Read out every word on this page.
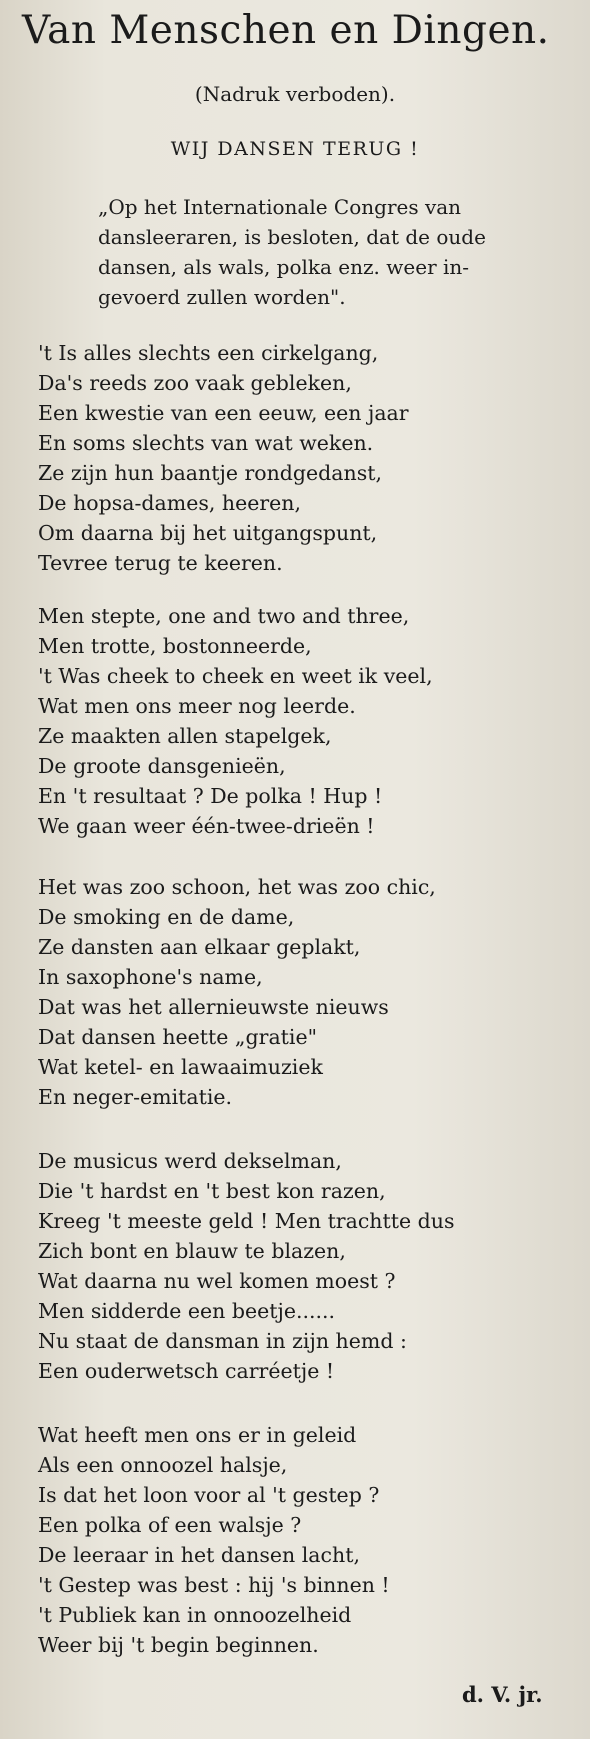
Van Menschen en Dingen.
(Nadruk verboden).
WIJ DANSEN TERUG !
„Op het Internationale Congres van
dansleeraren, is besloten, dat de oude
dansen, als wals, polka enz. weer in-
gevoerd zullen worden".
't Is alles slechts een cirkelgang,
Da's reeds zoo vaak gebleken,
Een kwestie van een eeuw, een jaar
En soms slechts van wat weken.
Ze zijn hun baantje rondgedanst,
De hopsa-dames, heeren,
Om daarna bij het uitgangspunt,
Tevree terug te keeren.
Men stepte, one and two and three,
Men trotte, bostonneerde,
't Was cheek to cheek en weet ik veel,
Wat men ons meer nog leerde.
Ze maakten allen stapelgek,
De groote dansgenieën,
En 't resultaat ? De polka ! Hup !
We gaan weer één-twee-drieën !
Het was zoo schoon, het was zoo chic,
De smoking en de dame,
Ze dansten aan elkaar geplakt,
In saxophone's name,
Dat was het allernieuwste nieuws
Dat dansen heette „gratie"
Wat ketel- en lawaaimuziek
En neger-emitatie.
De musicus werd dekselman,
Die 't hardst en 't best kon razen,
Kreeg 't meeste geld ! Men trachtte dus
Zich bont en blauw te blazen,
Wat daarna nu wel komen moest ?
Men sidderde een beetje......
Nu staat de dansman in zijn hemd :
Een ouderwetsch carréetje !
Wat heeft men ons er in geleid
Als een onnoozel halsje,
Is dat het loon voor al 't gestep ?
Een polka of een walsje ?
De leeraar in het dansen lacht,
't Gestep was best : hij 's binnen !
't Publiek kan in onnoozelheid
Weer bij 't begin beginnen.
d. V. jr.
